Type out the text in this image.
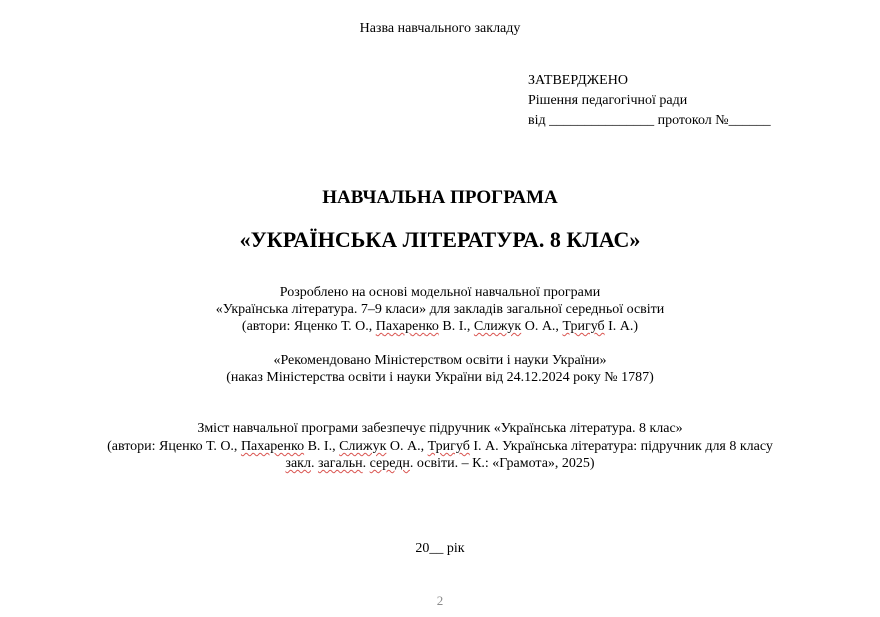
Назва навчального закладу
ЗАТВЕРДЖЕНО
Рішення педагогічної ради
від _______________ протокол №______
НАВЧАЛЬНА ПРОГРАМА
«УКРАЇНСЬКА ЛІТЕРАТУРА. 8 КЛАС»
Розроблено на основі модельної навчальної програми
«Українська література. 7–9 класи» для закладів загальної середньої освіти
(автори: Яценко Т. О., Пахаренко В. І., Слижук О. А., Тригуб І. А.)
«Рекомендовано Міністерством освіти і науки України»
(наказ Міністерства освіти і науки України від 24.12.2024 року № 1787)
Зміст навчальної програми забезпечує підручник «Українська література. 8 клас»
(автори: Яценко Т. О., Пахаренко В. І., Слижук О. А., Тригуб І. А. Українська література: підручник для 8 класу
закл. загальн. середн. освіти. – К.: «Грамота», 2025)
20__ рік
2
